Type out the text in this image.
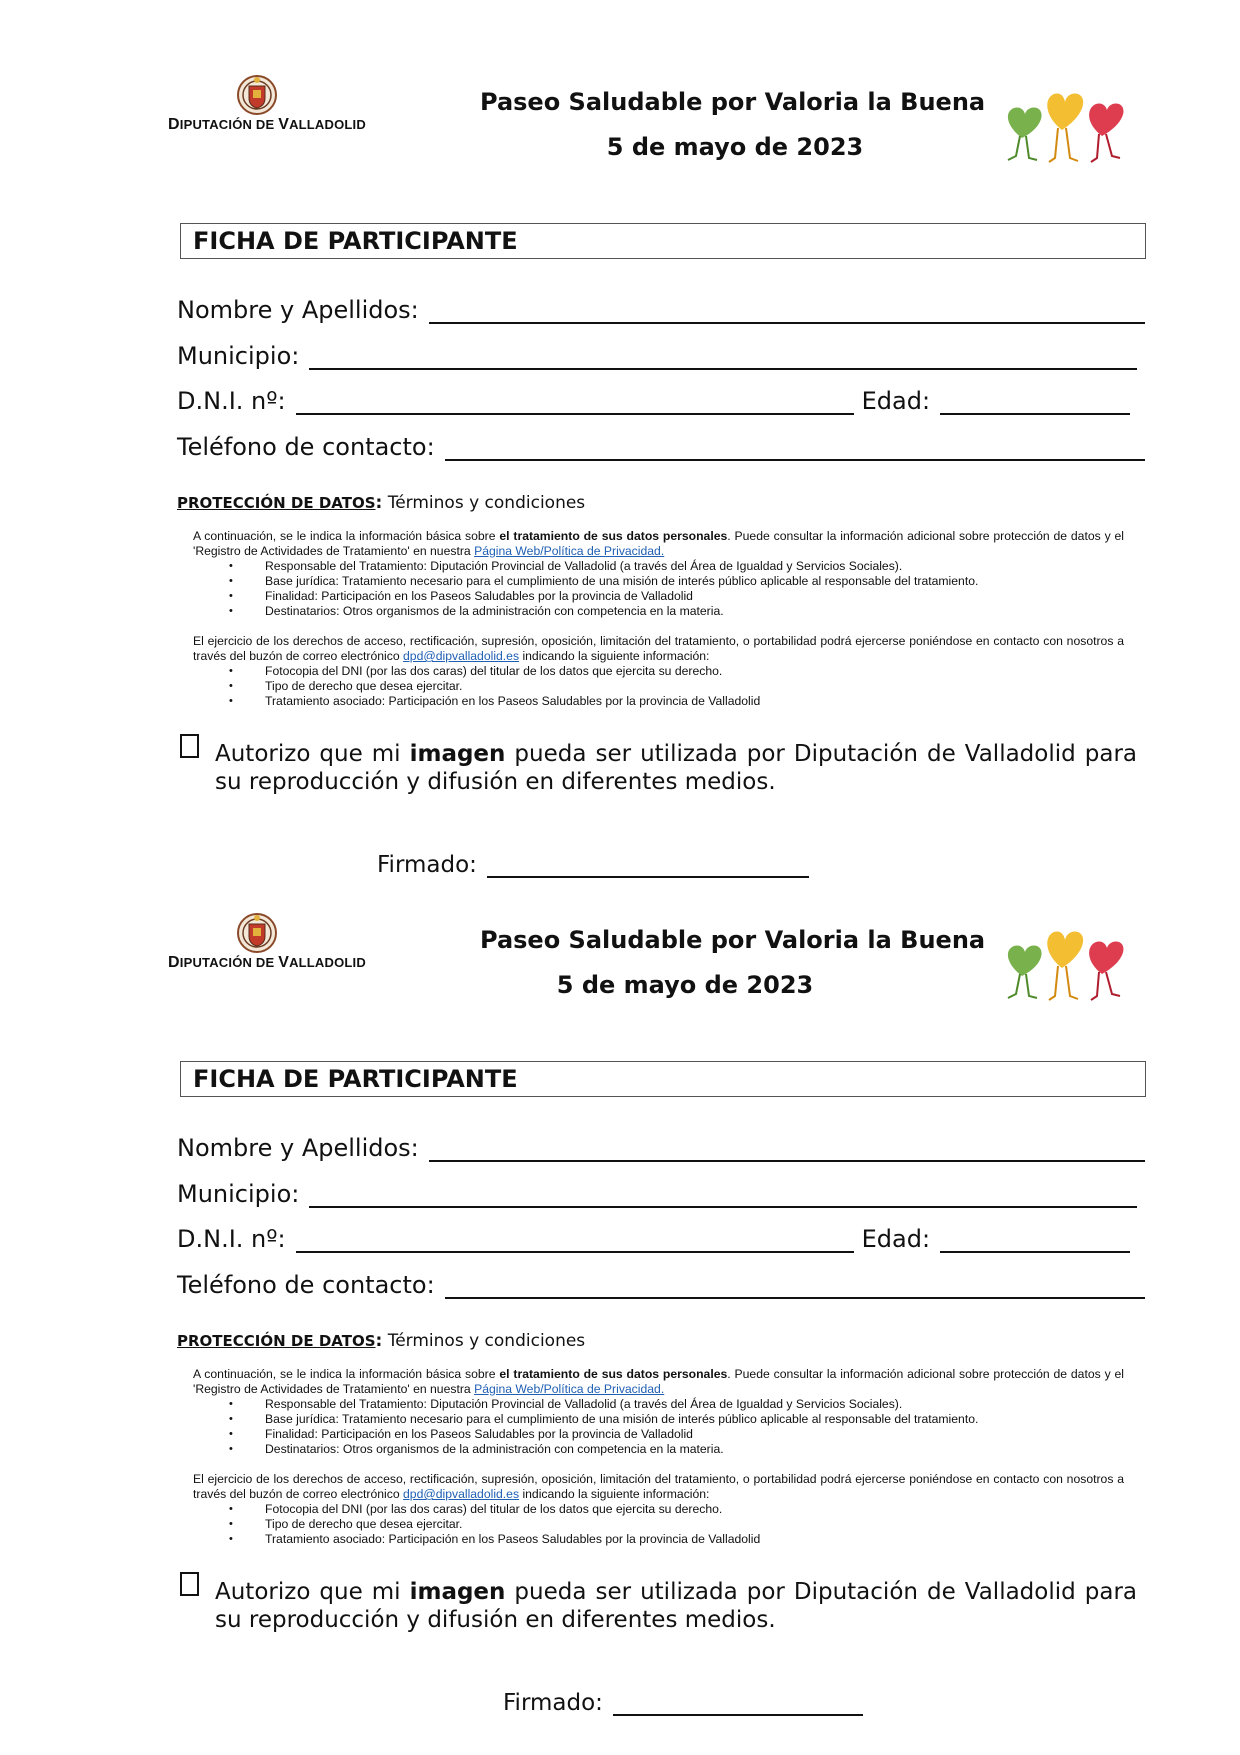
DIPUTACIÓN DE VALLADOLID
Paseo Saludable por Valoria la Buena
5 de mayo de 2023
FICHA DE PARTICIPANTE
Nombre y Apellidos:
Municipio:
D.N.I. nº:	Edad:
Teléfono de contacto:
PROTECCIÓN DE DATOS: Términos y condiciones
A continuación, se le indica la información básica sobre el tratamiento de sus datos personales. Puede consultar la información adicional sobre protección de datos y el 'Registro de Actividades de Tratamiento' en nuestra Página Web/Política de Privacidad.
• Responsable del Tratamiento: Diputación Provincial de Valladolid (a través del Área de Igualdad y Servicios Sociales).
• Base jurídica: Tratamiento necesario para el cumplimiento de una misión de interés público aplicable al responsable del tratamiento.
• Finalidad: Participación en los Paseos Saludables por la provincia de Valladolid
• Destinatarios: Otros organismos de la administración con competencia en la materia.
El ejercicio de los derechos de acceso, rectificación, supresión, oposición, limitación del tratamiento, o portabilidad podrá ejercerse poniéndose en contacto con nosotros a través del buzón de correo electrónico dpd@dipvalladolid.es indicando la siguiente información:
• Fotocopia del DNI (por las dos caras) del titular de los datos que ejercita su derecho.
• Tipo de derecho que desea ejercitar.
• Tratamiento asociado: Participación en los Paseos Saludables por la provincia de Valladolid
Autorizo que mi imagen pueda ser utilizada por Diputación de Valladolid para su reproducción y difusión en diferentes medios.
Firmado:
DIPUTACIÓN DE VALLADOLID
Paseo Saludable por Valoria la Buena
5 de mayo de 2023
FICHA DE PARTICIPANTE
Nombre y Apellidos:
Municipio:
D.N.I. nº:	Edad:
Teléfono de contacto:
PROTECCIÓN DE DATOS: Términos y condiciones
A continuación, se le indica la información básica sobre el tratamiento de sus datos personales. Puede consultar la información adicional sobre protección de datos y el 'Registro de Actividades de Tratamiento' en nuestra Página Web/Política de Privacidad.
• Responsable del Tratamiento: Diputación Provincial de Valladolid (a través del Área de Igualdad y Servicios Sociales).
• Base jurídica: Tratamiento necesario para el cumplimiento de una misión de interés público aplicable al responsable del tratamiento.
• Finalidad: Participación en los Paseos Saludables por la provincia de Valladolid
• Destinatarios: Otros organismos de la administración con competencia en la materia.
El ejercicio de los derechos de acceso, rectificación, supresión, oposición, limitación del tratamiento, o portabilidad podrá ejercerse poniéndose en contacto con nosotros a través del buzón de correo electrónico dpd@dipvalladolid.es indicando la siguiente información:
• Fotocopia del DNI (por las dos caras) del titular de los datos que ejercita su derecho.
• Tipo de derecho que desea ejercitar.
• Tratamiento asociado: Participación en los Paseos Saludables por la provincia de Valladolid
Autorizo que mi imagen pueda ser utilizada por Diputación de Valladolid para su reproducción y difusión en diferentes medios.
Firmado:
